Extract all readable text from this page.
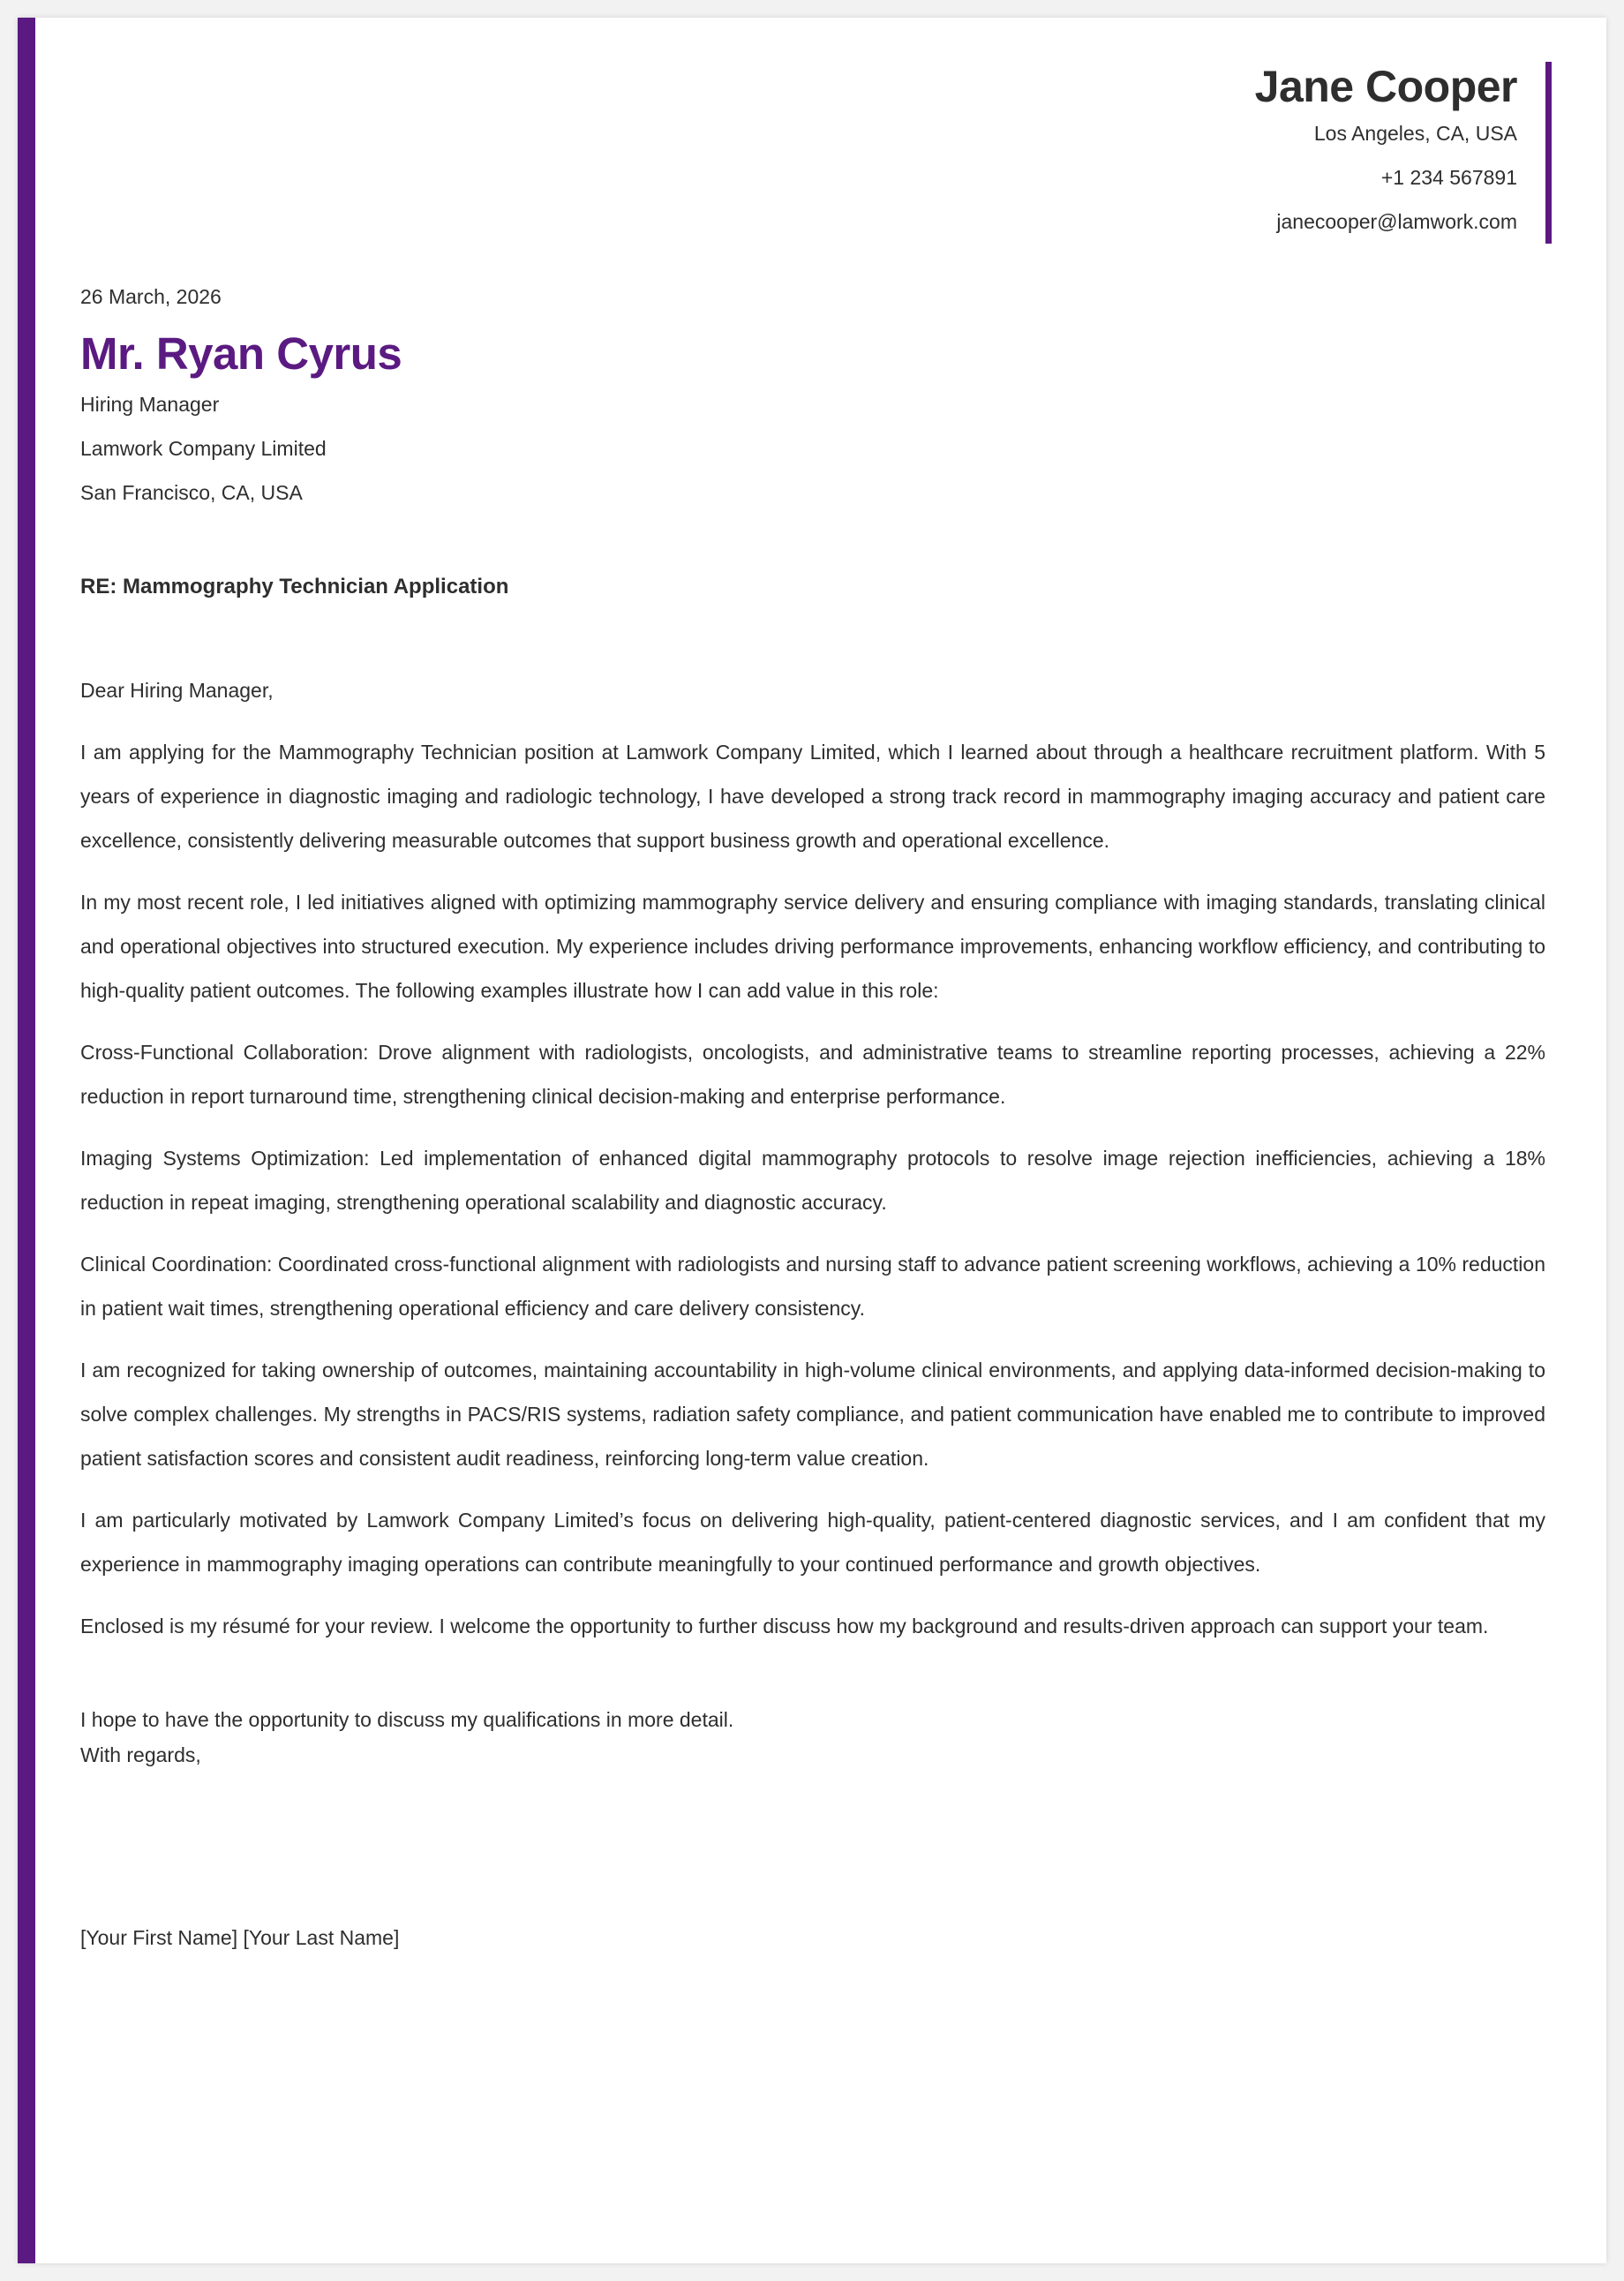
Jane Cooper
Los Angeles, CA, USA
+1 234 567891
janecooper@lamwork.com
26 March, 2026
Mr. Ryan Cyrus
Hiring Manager
Lamwork Company Limited
San Francisco, CA, USA
RE: Mammography Technician Application

Dear Hiring Manager,

I am applying for the Mammography Technician position at Lamwork Company Limited, which I learned about through a healthcare recruitment platform. With 5 years of experience in diagnostic imaging and radiologic technology, I have developed a strong track record in mammography imaging accuracy and patient care excellence, consistently delivering measurable outcomes that support business growth and operational excellence.

In my most recent role, I led initiatives aligned with optimizing mammography service delivery and ensuring compliance with imaging standards, translating clinical and operational objectives into structured execution. My experience includes driving performance improvements, enhancing workflow efficiency, and contributing to high-quality patient outcomes. The following examples illustrate how I can add value in this role:

Cross-Functional Collaboration: Drove alignment with radiologists, oncologists, and administrative teams to streamline reporting processes, achieving a 22% reduction in report turnaround time, strengthening clinical decision-making and enterprise performance.

Imaging Systems Optimization: Led implementation of enhanced digital mammography protocols to resolve image rejection inefficiencies, achieving a 18% reduction in repeat imaging, strengthening operational scalability and diagnostic accuracy.

Clinical Coordination: Coordinated cross-functional alignment with radiologists and nursing staff to advance patient screening workflows, achieving a 10% reduction in patient wait times, strengthening operational efficiency and care delivery consistency.

I am recognized for taking ownership of outcomes, maintaining accountability in high-volume clinical environments, and applying data-informed decision-making to solve complex challenges. My strengths in PACS/RIS systems, radiation safety compliance, and patient communication have enabled me to contribute to improved patient satisfaction scores and consistent audit readiness, reinforcing long-term value creation.

I am particularly motivated by Lamwork Company Limited’s focus on delivering high-quality, patient-centered diagnostic services, and I am confident that my experience in mammography imaging operations can contribute meaningfully to your continued performance and growth objectives.

Enclosed is my résumé for your review. I welcome the opportunity to further discuss how my background and results-driven approach can support your team.

I hope to have the opportunity to discuss my qualifications in more detail.
With regards,
[Your First Name] [Your Last Name]
